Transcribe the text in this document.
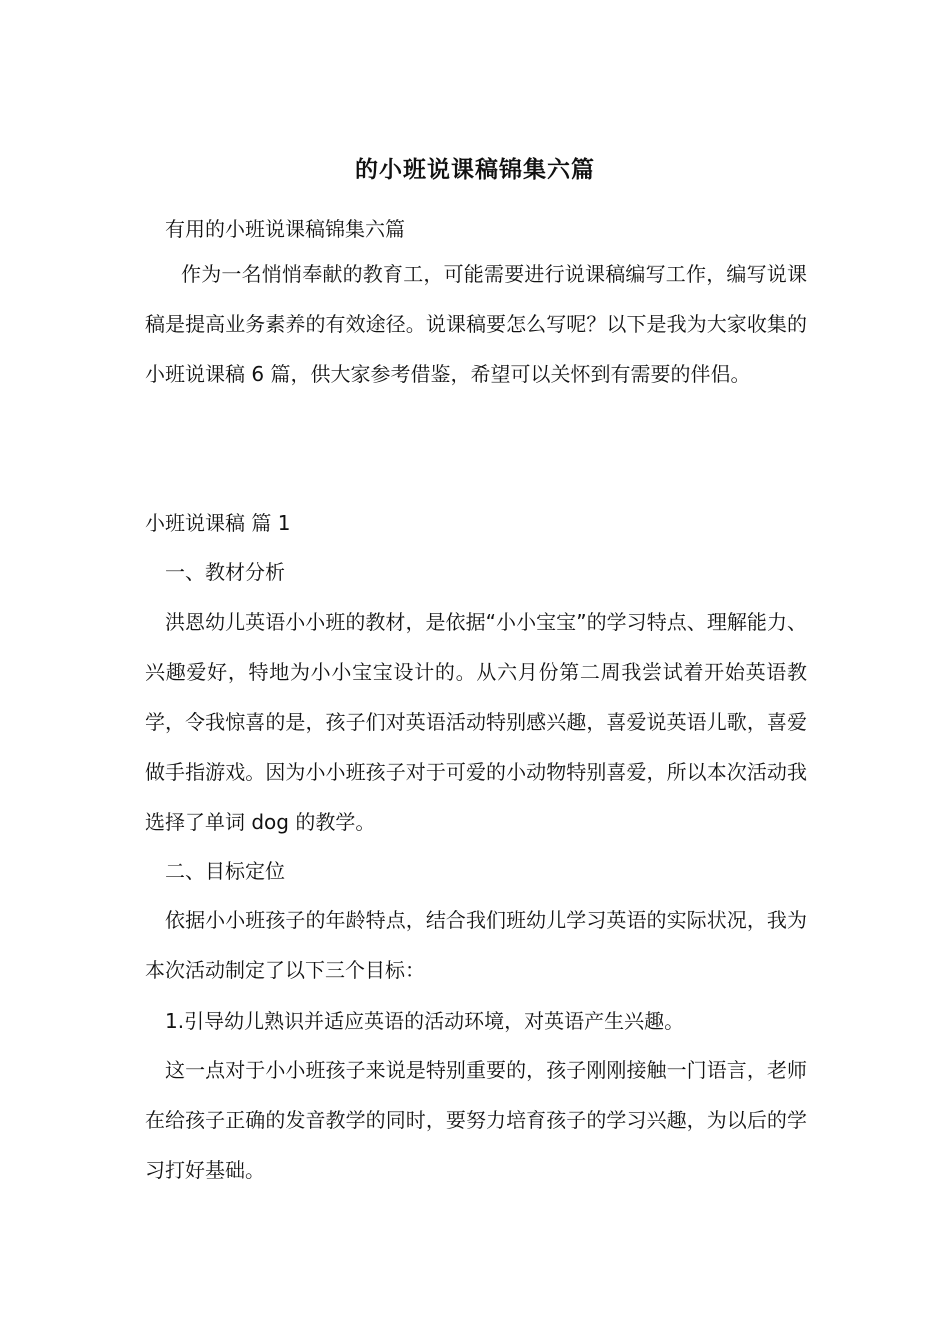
的小班说课稿锦集六篇
有用的小班说课稿锦集六篇
作为一名悄悄奉献的教育工，可能需要进行说课稿编写工作，编写说课稿是提高业务素养的有效途径。说课稿要怎么写呢？以下是我为大家收集的小班说课稿 6 篇，供大家参考借鉴，希望可以关怀到有需要的伴侣。
小班说课稿 篇 1
一、教材分析
洪恩幼儿英语小小班的教材，是依据“小小宝宝”的学习特点、理解能力、兴趣爱好，特地为小小宝宝设计的。从六月份第二周我尝试着开始英语教学，令我惊喜的是，孩子们对英语活动特别感兴趣，喜爱说英语儿歌，喜爱做手指游戏。因为小小班孩子对于可爱的小动物特别喜爱，所以本次活动我选择了单词 dog 的教学。
二、目标定位
依据小小班孩子的年龄特点，结合我们班幼儿学习英语的实际状况，我为本次活动制定了以下三个目标：
1.引导幼儿熟识并适应英语的活动环境，对英语产生兴趣。
这一点对于小小班孩子来说是特别重要的，孩子刚刚接触一门语言，老师在给孩子正确的发音教学的同时，要努力培育孩子的学习兴趣，为以后的学习打好基础。
